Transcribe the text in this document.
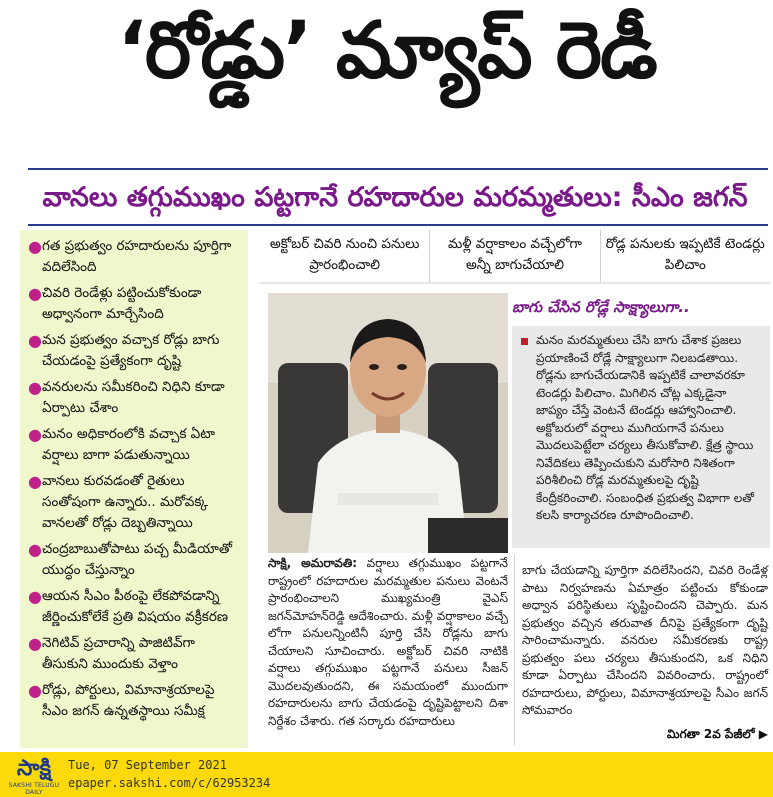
‘రోడ్డు’ మ్యాప్ రెడీ
వానలు తగ్గుముఖం పట్టగానే రహదారుల మరమ్మతులు: సీఎం జగన్
● గత ప్రభుత్వం రహదారులను పూర్తిగా వదిలేసింది
● చివరి రెండేళ్లు పట్టించుకోకుండా అధ్వానంగా మార్చేసింది
● మన ప్రభుత్వం వచ్చాక రోడ్లు బాగు చేయడంపై ప్రత్యేకంగా దృష్టి
● వనరులను సమీకరించి నిధిని కూడా ఏర్పాటు చేశాం
● మనం అధికారంలోకి వచ్చాక ఏటా వర్షాలు బాగా పడుతున్నాయి
● వానలు కురవడంతో రైతులు సంతోషంగా ఉన్నారు.. మరోవక్క వానలతో రోడ్లు దెబ్బతిన్నాయి
● చంద్రబాబుతోపాటు పచ్చ మీడియాతో యుద్ధం చేస్తున్నాం
● ఆయన సీఎం పీఠంపై లేకపోవడాన్ని జీర్ణించుకోలేకే ప్రతి విషయం వక్రీకరణ
● నెగిటివ్ ప్రచారాన్ని పాజిటివ్‌గా తీసుకుని ముందుకు వెళ్తాం
● రోడ్లు, పోర్టులు, విమానాశ్రయాలపై సీఎం జగన్ ఉన్నతస్థాయి సమీక్ష
అక్టోబర్ చివరి నుంచి పనులు ప్రారంభించాలి
మళ్లీ వర్షాకాలం వచ్చేలోగా అన్నీ బాగుచేయాలి
రోడ్ల పనులకు ఇప్పటికే టెండర్లు పిలిచాం
బాగు చేసిన రోడ్లే సాక్ష్యాలుగా..
మనం మరమ్మతులు చేసి బాగు చేశాక ప్రజలు ప్రయాణించే రోడ్లే సాక్ష్యాలుగా నిలబడతాయి. రోడ్లను బాగుచేయడానికి ఇప్పటికే చాలావరకూ టెండర్లు పిలిచాం. మిగిలిన చోట్ల ఎక్కడైనా జాప్యం చేస్తే వెంటనే టెండర్లు ఆహ్వానించాలి. అక్టోబరులో వర్షాలు ముగియగానే పనులు మొదలుపెట్టేలా చర్యలు తీసుకోవాలి. క్షేత్ర స్థాయి నివేదికలు తెప్పించుకుని మరోసారి నిశితంగా పరిశీలించి రోడ్ల మరమ్మతులపై దృష్టి కేంద్రీకరించాలి. సంబంధిత ప్రభుత్వ విభాగా లతో కలసి కార్యాచరణ రూపొందించాలి.
సాక్షి, అమరావతి: వర్షాలు తగ్గుముఖం పట్టగానే రాష్ట్రంలో రహదారుల మరమ్మతుల పనులు వెంటనే ప్రారంభించాలని ముఖ్యమంత్రి వైఎస్ జగన్‌మోహన్‌రెడ్డి ఆదేశించారు. మళ్లీ వర్షాకాలం వచ్చే లోగా పనులన్నింటినీ పూర్తి చేసి రోడ్లను బాగు చేయాలని సూచించారు. అక్టోబర్ చివరి నాటికి వర్షాలు తగ్గుముఖం పట్టగానే పనులు సీజన్ మొదలవుతుందని, ఈ సమయంలో ముందుగా రహదారులను బాగు చేయడంపై దృష్టిపెట్టాలని దిశా నిర్దేశం చేశారు. గత సర్కారు రహదారులు
బాగు చేయడాన్ని పూర్తిగా వదిలేసిందని, చివరి రెండేళ్ల పాటు నిర్వహణను ఏమాత్రం పట్టించు కోకుండా అధ్వాన పరిస్థితులు సృష్టించిందని చెప్పారు. మన ప్రభుత్వం వచ్చిన తరువాత దీనిపై ప్రత్యేకంగా దృష్టి సారించామన్నారు. వనరుల సమీకరణకు రాష్ట్ర ప్రభుత్వం పలు చర్యలు తీసుకుందని, ఒక నిధిని కూడా ఏర్పాటు చేసిందని వివరించారు. రాష్ట్రంలో రహదారులు, పోర్టులు, విమానాశ్రయాలపై సీఎం జగన్ సోమవారం
మిగతా 2వ పేజీలో ▶
సాక్షి
SAKSHI TELUGU DAILY
Tue, 07 September 2021
epaper.sakshi.com/c/62953234
